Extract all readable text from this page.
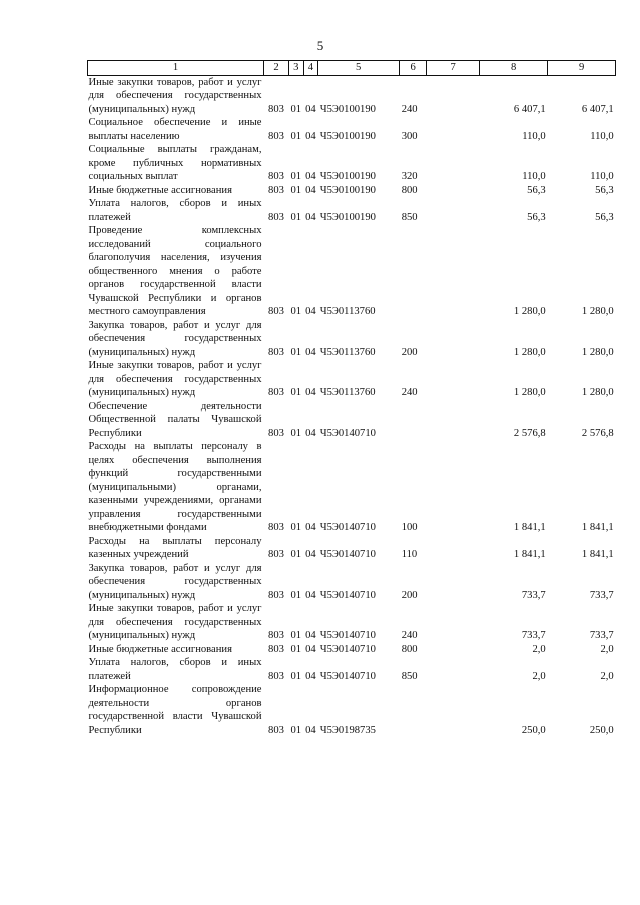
5
1	2	3	4	5	6	7	8	9
Иные закупки товаров, работ и услуг для обеспечения государственных (муниципальных) нужд	803	01	04	Ч5Э0100190	240		6 407,1	6 407,1
Социальное обеспечение и иные выплаты населению	803	01	04	Ч5Э0100190	300		110,0	110,0
Социальные выплаты гражданам, кроме публичных нормативных социальных выплат	803	01	04	Ч5Э0100190	320		110,0	110,0
Иные бюджетные ассигнования	803	01	04	Ч5Э0100190	800		56,3	56,3
Уплата налогов, сборов и иных платежей	803	01	04	Ч5Э0100190	850		56,3	56,3
Проведение комплексных исследований социального благополучия населения, изучения общественного мнения о работе органов государственной власти Чувашской Республики и органов местного самоуправления	803	01	04	Ч5Э0113760			1 280,0	1 280,0
Закупка товаров, работ и услуг для обеспечения государственных (муниципальных) нужд	803	01	04	Ч5Э0113760	200		1 280,0	1 280,0
Иные закупки товаров, работ и услуг для обеспечения государственных (муниципальных) нужд	803	01	04	Ч5Э0113760	240		1 280,0	1 280,0
Обеспечение деятельности Общественной палаты Чувашской Республики	803	01	04	Ч5Э0140710			2 576,8	2 576,8
Расходы на выплаты персоналу в целях обеспечения выполнения функций государственными (муниципальными) органами, казенными учреждениями, органами управления государственными внебюджетными фондами	803	01	04	Ч5Э0140710	100		1 841,1	1 841,1
Расходы на выплаты персоналу казенных учреждений	803	01	04	Ч5Э0140710	110		1 841,1	1 841,1
Закупка товаров, работ и услуг для обеспечения государственных (муниципальных) нужд	803	01	04	Ч5Э0140710	200		733,7	733,7
Иные закупки товаров, работ и услуг для обеспечения государственных (муниципальных) нужд	803	01	04	Ч5Э0140710	240		733,7	733,7
Иные бюджетные ассигнования	803	01	04	Ч5Э0140710	800		2,0	2,0
Уплата налогов, сборов и иных платежей	803	01	04	Ч5Э0140710	850		2,0	2,0
Информационное сопровождение деятельности органов государственной власти Чувашской Республики	803	01	04	Ч5Э0198735			250,0	250,0
